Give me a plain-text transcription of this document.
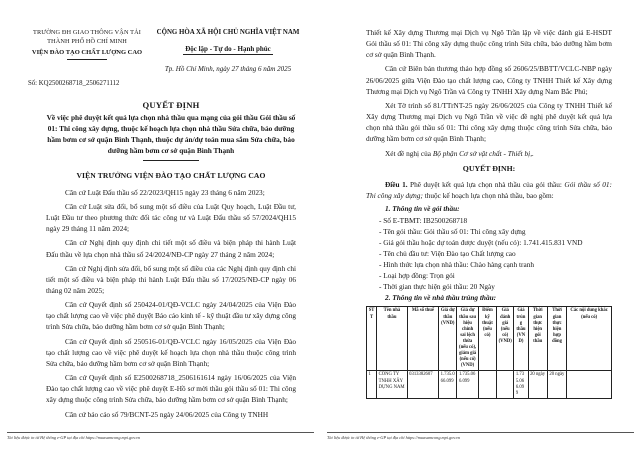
TRƯỜNG ĐH GIAO THÔNG VẬN TẢI THÀNH PHỐ HỒ CHÍ MINH
VIỆN ĐÀO TẠO CHẤT LƯỢNG CAO
CỘNG HÒA XÃ HỘI CHỦ NGHĨA VIỆT NAM
Độc lập - Tự do - Hạnh phúc
Tp. Hồ Chí Minh, ngày 27 tháng 6 năm 2025
Số: KQ2500268718_2506271112
QUYẾT ĐỊNH
Về việc phê duyệt kết quả lựa chọn nhà thầu qua mạng của gói thầu Gói thầu số 01: Thi công xây dựng, thuộc kế hoạch lựa chọn nhà thầu Sửa chữa, bảo dưỡng hầm bơm cơ sở quận Bình Thạnh, thuộc dự án/dự toán mua sắm Sửa chữa, bảo dưỡng hầm bơm cơ sở quận Bình Thạnh
VIỆN TRƯỞNG VIỆN ĐÀO TẠO CHẤT LƯỢNG CAO

Căn cứ Luật Đấu thầu số 22/2023/QH15 ngày 23 tháng 6 năm 2023;

Căn cứ Luật sửa đổi, bổ sung một số điều của Luật Quy hoạch, Luật Đầu tư, Luật Đầu tư theo phương thức đối tác công tư và Luật Đấu thầu số 57/2024/QH15 ngày 29 tháng 11 năm 2024;

Căn cứ Nghị định quy định chi tiết một số điều và biện pháp thi hành Luật Đấu thầu về lựa chọn nhà thầu số 24/2024/NĐ-CP ngày 27 tháng 2 năm 2024;

Căn cứ Nghị định sửa đổi, bổ sung một số điều của các Nghị định quy định chi tiết một số điều và biện pháp thi hành Luật Đấu thầu số 17/2025/NĐ-CP ngày 06 tháng 02 năm 2025;

Căn cứ Quyết định số 250424-01/QĐ-VCLC ngày 24/04/2025 của Viện Đào tạo chất lượng cao về việc phê duyệt Báo cáo kinh tế - kỹ thuật đầu tư xây dựng công trình Sửa chữa, bảo dưỡng hầm bơm cơ sở quận Bình Thạnh;

Căn cứ Quyết định số 250516-01/QĐ-VCLC ngày 16/05/2025 của Viện Đào tạo chất lượng cao về việc phê duyệt kế hoạch lựa chọn nhà thầu thuộc công trình Sửa chữa, bảo dưỡng hầm bơm cơ sở quận Bình Thạnh;

Căn cứ Quyết định số E2500268718_2506161614 ngày 16/06/2025 của Viện Đào tạo chất lượng cao về việc phê duyệt E-Hồ sơ mời thầu gói thầu số 01: Thi công xây dựng thuộc công trình Sửa chữa, bảo dưỡng hầm bơm cơ sở quận Bình Thạnh;

Căn cứ báo cáo số 79/BCNT-25 ngày 24/06/2025 của Công ty TNHH

Tài liệu được in từ Hệ thống e-GP tại địa chỉ https://muasamcong.mpi.gov.vn

Thiết kế Xây dựng Thương mại Dịch vụ Ngô Trần lập về việc đánh giá E-HSDT Gói thầu số 01: Thi công xây dựng thuộc công trình Sửa chữa, bảo dưỡng hầm bơm cơ sở quận Bình Thạnh.

Căn cứ Biên bản thương thảo hợp đồng số 2606/25/BBTT/VCLC-NBP ngày 26/06/2025 giữa Viện Đào tạo chất lượng cao, Công ty TNHH Thiết kế Xây dựng Thương mại Dịch vụ Ngô Trần và Công ty TNHH Xây dựng Nam Bắc Phú;

Xét Tờ trình số 81/TTrNT-25 ngày 26/06/2025 của Công ty TNHH Thiết kế Xây dựng Thương mại Dịch vụ Ngô Trần về việc đề nghị phê duyệt kết quả lựa chọn nhà thầu gói thầu số 01: Thi công xây dựng thuộc công trình Sửa chữa, bảo dưỡng hầm bơm cơ sở quận Bình Thạnh;

Xét đề nghị của Bộ phận Cơ sở vật chất - Thiết bị,.

QUYẾT ĐỊNH:

Điều 1. Phê duyệt kết quả lựa chọn nhà thầu của gói thầu: Gói thầu số 01: Thi công xây dựng; thuộc kế hoạch lựa chọn nhà thầu, bao gồm:

1. Thông tin về gói thầu:
- Số E-TBMT: IB2500268718
- Tên gói thầu: Gói thầu số 01: Thi công xây dựng
- Giá gói thầu hoặc dự toán được duyệt (nếu có): 1.741.415.831 VND
- Tên chủ đầu tư: Viện Đào tạo Chất lượng cao
- Hình thức lựa chọn nhà thầu: Chào hàng cạnh tranh
- Loại hợp đồng: Trọn gói
- Thời gian thực hiện gói thầu: 20 Ngày
2. Thông tin về nhà thầu trúng thầu:
STT	Tên nhà thầu	Mã số thuế	Giá dự thầu (VND)	Giá dự thầu sau hiệu chỉnh sai lệch thừa (nếu có), giảm giá (nếu có) (VND)	Điểm kỹ thuật (nếu có)	Giá đánh giá (nếu có) (VND)	Giá trúng thầu (VND)	Thời gian thực hiện gói thầu	Thời gian thực hiện hợp đồng	Các nội dung khác (nếu có)
1	CÔNG TY TNHH XÂY DỰNG NAM	0313382607	1.735.066.099	1.735.066.099			1.735.066.099	20 ngày	20 ngày	
Tài liệu được in từ Hệ thống e-GP tại địa chỉ https://muasamcong.mpi.gov.vn
